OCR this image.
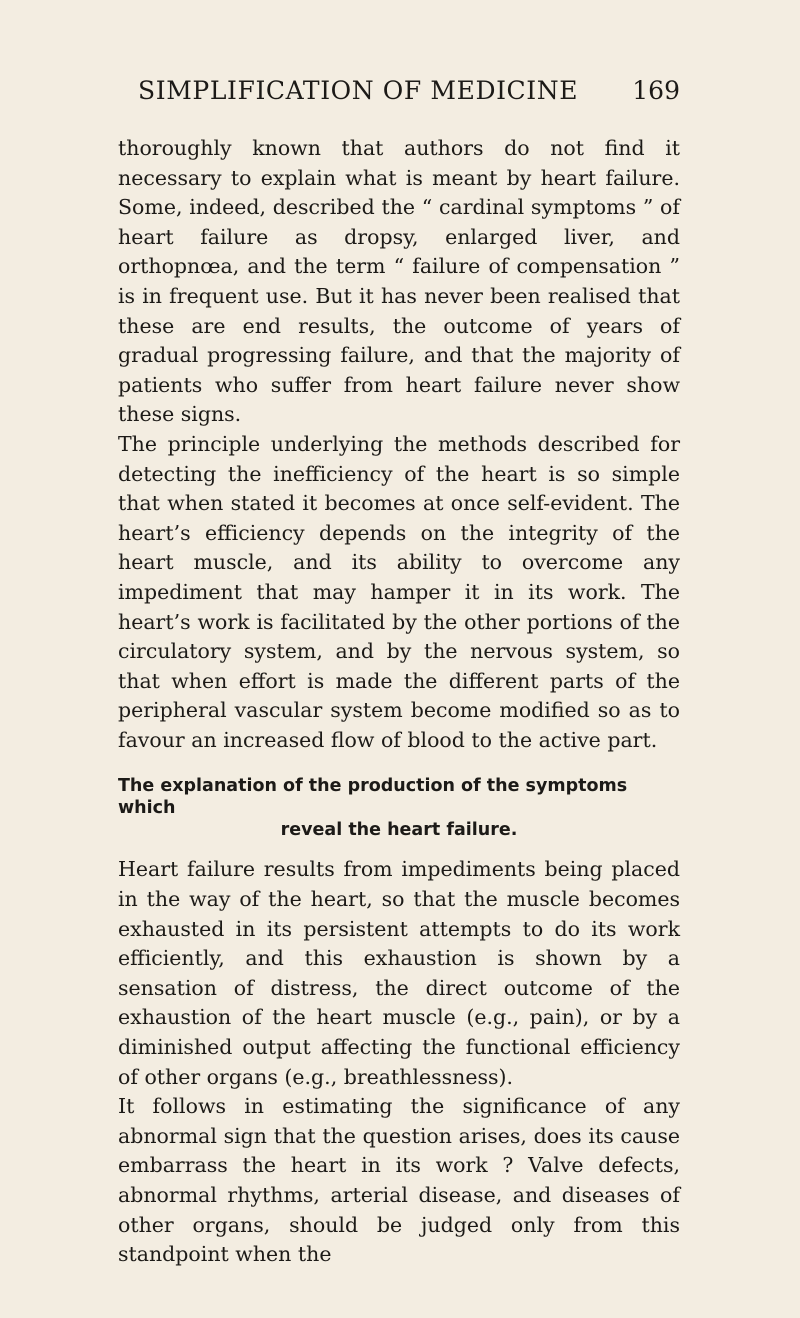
SIMPLIFICATION OF MEDICINE 169

thoroughly known that authors do not find it necessary to explain what is meant by heart failure. Some, indeed, described the “ cardinal symptoms ” of heart failure as dropsy, enlarged liver, and orthopnœa, and the term “ failure of compensation ” is in frequent use. But it has never been realised that these are end results, the outcome of years of gradual progressing failure, and that the majority of patients who suffer from heart failure never show these signs.

The principle underlying the methods described for detecting the inefficiency of the heart is so simple that when stated it becomes at once self-evident. The heart’s efficiency depends on the integrity of the heart muscle, and its ability to overcome any impediment that may hamper it in its work. The heart’s work is facilitated by the other portions of the circulatory system, and by the nervous system, so that when effort is made the different parts of the peripheral vascular system become modified so as to favour an increased flow of blood to the active part.

The explanation of the production of the symptoms which
reveal the heart failure.

Heart failure results from impediments being placed in the way of the heart, so that the muscle becomes exhausted in its persistent attempts to do its work efficiently, and this exhaustion is shown by a sensation of distress, the direct outcome of the exhaustion of the heart muscle (e.g., pain), or by a diminished output affecting the functional efficiency of other organs (e.g., breathlessness).

It follows in estimating the significance of any abnormal sign that the question arises, does its cause embarrass the heart in its work ? Valve defects, abnormal rhythms, arterial disease, and diseases of other organs, should be judged only from this standpoint when the
